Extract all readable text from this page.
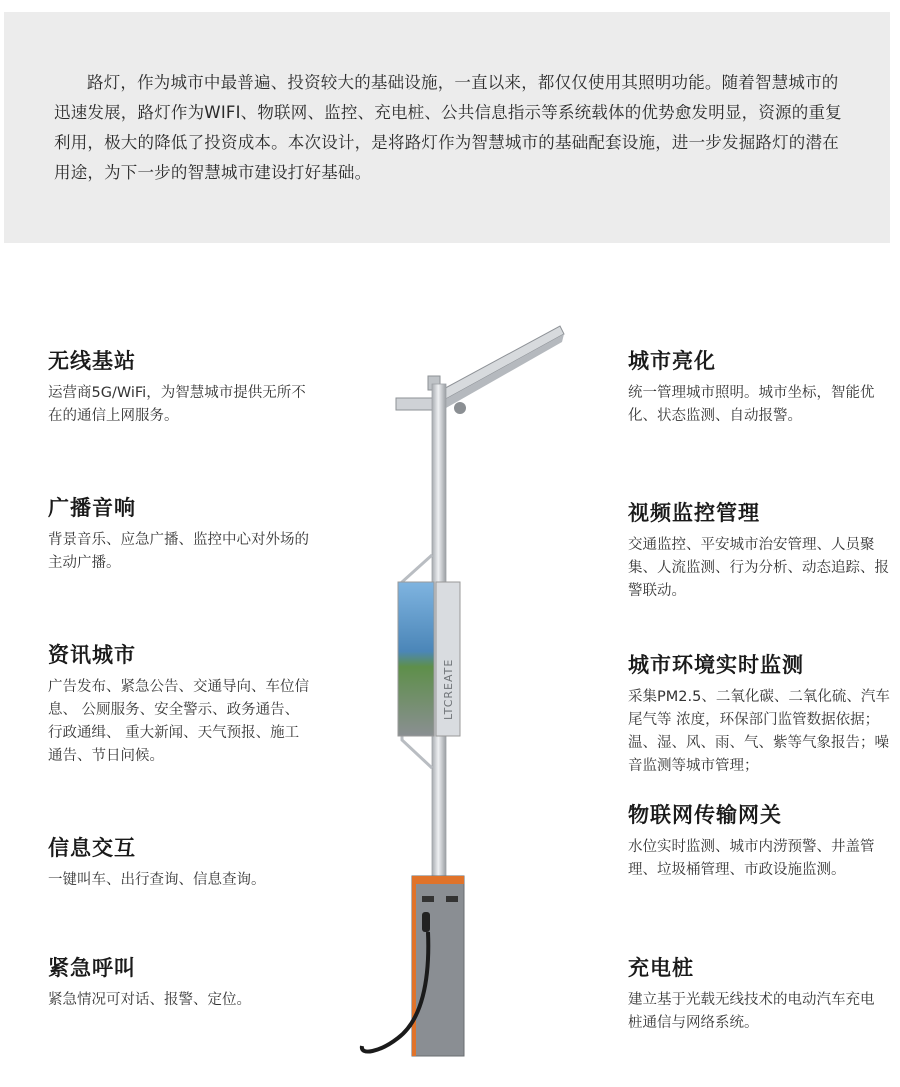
路灯，作为城市中最普遍、投资较大的基础设施，一直以来，都仅仅使用其照明功能。随着智慧城市的迅速发展，路灯作为WIFI、物联网、监控、充电桩、公共信息指示等系统载体的优势愈发明显，资源的重复利用，极大的降低了投资成本。本次设计，是将路灯作为智慧城市的基础配套设施，进一步发掘路灯的潜在用途，为下一步的智慧城市建设打好基础。

无线基站

运营商5G/WiFi，为智慧城市提供无所不在的通信上网服务。

广播音响

背景音乐、应急广播、监控中心对外场的主动广播。

资讯城市

广告发布、紧急公告、交通导向、车位信息、 公厕服务、安全警示、政务通告、行政通缉、 重大新闻、天气预报、施工通告、节日问候。

信息交互

一键叫车、出行查询、信息查询。

紧急呼叫

紧急情况可对话、报警、定位。

城市亮化

统一管理城市照明。城市坐标，智能优 化、状态监测、自动报警。

视频监控管理

交通监控、平安城市治安管理、人员聚集、人流监测、行为分析、动态追踪、报警联动。

城市环境实时监测

采集PM2.5、二氧化碳、二氧化硫、汽车尾气等 浓度，环保部门监管数据依据；温、湿、风、雨、气、紫等气象报告；噪音监测等城市管理；

物联网传输网关

水位实时监测、城市内涝预警、井盖管理、垃圾桶管理、市政设施监测。

充电桩

建立基于光载无线技术的电动汽车充电 桩通信与网络系统。

LTCREATE
